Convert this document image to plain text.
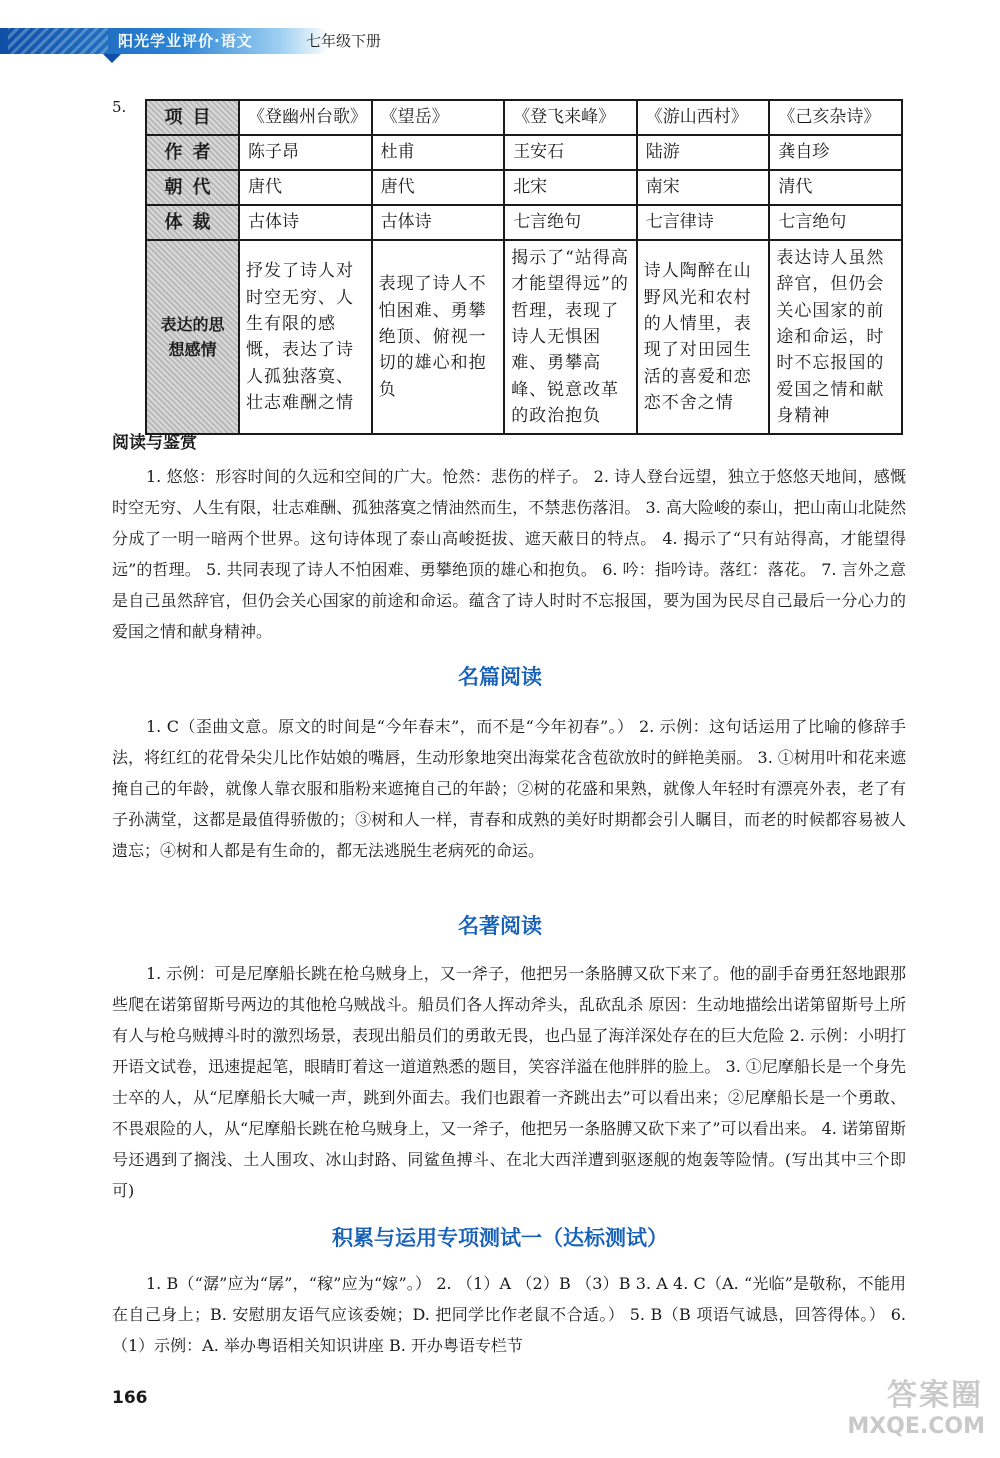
阳光学业评价·语文	七年级下册
5. 项目	《登幽州台歌》	《望岳》	《登飞来峰》	《游山西村》	《己亥杂诗》
作者	陈子昂	杜甫	王安石	陆游	龚自珍
朝代	唐代	唐代	北宋	南宋	清代
体裁	古体诗	古体诗	七言绝句	七言律诗	七言绝句
表达的思想感情	抒发了诗人对时空无穷、人生有限的感慨，表达了诗人孤独落寞、壮志难酬之情	表现了诗人不怕困难、勇攀绝顶、俯视一切的雄心和抱负	揭示了“站得高才能望得远”的哲理，表现了诗人无惧困难、勇攀高峰、锐意改革的政治抱负	诗人陶醉在山野风光和农村的人情里，表现了对田园生活的喜爱和恋恋不舍之情	表达诗人虽然辞官，但仍会关心国家的前途和命运，时时不忘报国的爱国之情和献身精神
阅读与鉴赏

1. 悠悠：形容时间的久远和空间的广大。怆然：悲伤的样子。 2. 诗人登台远望，独立于悠悠天地间，感慨时空无穷、人生有限，壮志难酬、孤独落寞之情油然而生，不禁悲伤落泪。 3. 高大险峻的泰山，把山南山北陡然分成了一明一暗两个世界。这句诗体现了泰山高峻挺拔、遮天蔽日的特点。 4. 揭示了“只有站得高，才能望得远”的哲理。 5. 共同表现了诗人不怕困难、勇攀绝顶的雄心和抱负。 6. 吟：指吟诗。落红：落花。 7. 言外之意是自己虽然辞官，但仍会关心国家的前途和命运。蕴含了诗人时时不忘报国，要为国为民尽自己最后一分心力的爱国之情和献身精神。

名篇阅读

1. C（歪曲文意。原文的时间是“今年春末”，而不是“今年初春”。） 2. 示例：这句话运用了比喻的修辞手法，将红红的花骨朵尖儿比作姑娘的嘴唇，生动形象地突出海棠花含苞欲放时的鲜艳美丽。 3. ①树用叶和花来遮掩自己的年龄，就像人靠衣服和脂粉来遮掩自己的年龄；②树的花盛和果熟，就像人年轻时有漂亮外表，老了有子孙满堂，这都是最值得骄傲的；③树和人一样，青春和成熟的美好时期都会引人瞩目，而老的时候都容易被人遗忘；④树和人都是有生命的，都无法逃脱生老病死的命运。

名著阅读

1. 示例：可是尼摩船长跳在枪乌贼身上，又一斧子，他把另一条胳膊又砍下来了。他的副手奋勇狂怒地跟那些爬在诺第留斯号两边的其他枪乌贼战斗。船员们各人挥动斧头，乱砍乱杀 原因：生动地描绘出诺第留斯号上所有人与枪乌贼搏斗时的激烈场景，表现出船员们的勇敢无畏，也凸显了海洋深处存在的巨大危险 2. 示例：小明打开语文试卷，迅速提起笔，眼睛盯着这一道道熟悉的题目，笑容洋溢在他胖胖的脸上。 3. ①尼摩船长是一个身先士卒的人，从“尼摩船长大喊一声，跳到外面去。我们也跟着一齐跳出去”可以看出来；②尼摩船长是一个勇敢、不畏艰险的人，从“尼摩船长跳在枪乌贼身上，又一斧子，他把另一条胳膊又砍下来了”可以看出来。 4. 诺第留斯号还遇到了搁浅、土人围攻、冰山封路、同鲨鱼搏斗、在北大西洋遭到驱逐舰的炮轰等险情。(写出其中三个即可)

积累与运用专项测试一（达标测试）

1. B（“潺”应为“孱”，“稼”应为“嫁”。） 2. （1）A （2）B （3）B 3. A 4. C（A. “光临”是敬称，不能用在自己身上；B. 安慰朋友语气应该委婉；D. 把同学比作老鼠不合适。） 5. B（B 项语气诚恳，回答得体。） 6. （1）示例：A. 举办粤语相关知识讲座 B. 开办粤语专栏节

166	答案圈
MXQE.COM
